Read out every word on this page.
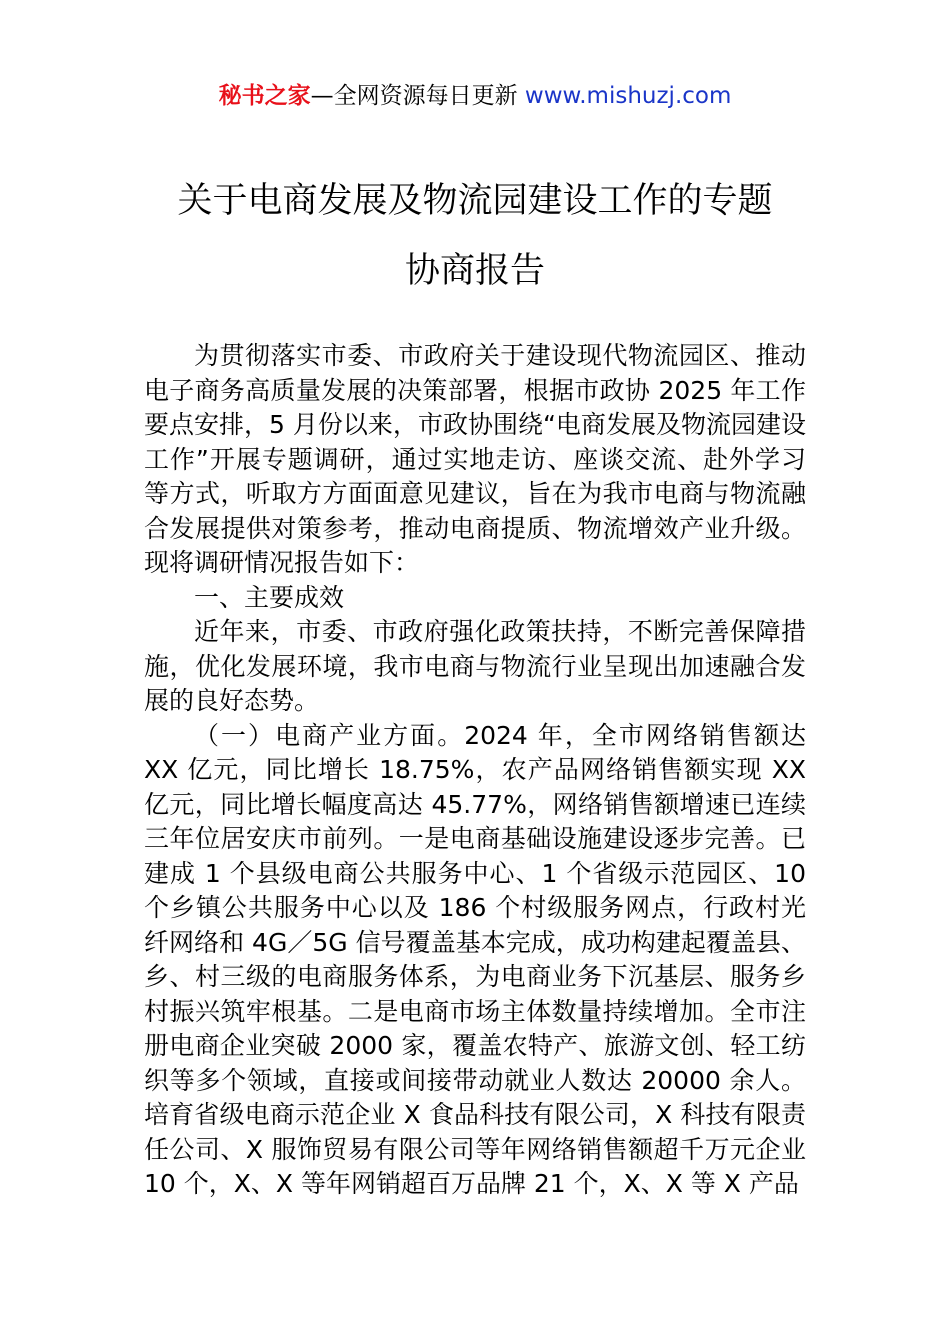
秘书之家—全网资源每日更新 www.mishuzj.com
关于电商发展及物流园建设工作的专题
协商报告

为贯彻落实市委、市政府关于建设现代物流园区、推动电子商务高质量发展的决策部署，根据市政协 2025 年工作要点安排，5 月份以来，市政协围绕“电商发展及物流园建设工作”开展专题调研，通过实地走访、座谈交流、赴外学习等方式，听取方方面面意见建议，旨在为我市电商与物流融合发展提供对策参考，推动电商提质、物流增效产业升级。现将调研情况报告如下：

一、主要成效

近年来，市委、市政府强化政策扶持，不断完善保障措施，优化发展环境，我市电商与物流行业呈现出加速融合发展的良好态势。

（一）电商产业方面。2024 年，全市网络销售额达 XX 亿元，同比增长 18.75%，农产品网络销售额实现 XX 亿元，同比增长幅度高达 45.77%，网络销售额增速已连续三年位居安庆市前列。一是电商基础设施建设逐步完善。已建成 1 个县级电商公共服务中心、1 个省级示范园区、10 个乡镇公共服务中心以及 186 个村级服务网点，行政村光纤网络和 4G／5G 信号覆盖基本完成，成功构建起覆盖县、乡、村三级的电商服务体系，为电商业务下沉基层、服务乡村振兴筑牢根基。二是电商市场主体数量持续增加。全市注册电商企业突破 2000 家，覆盖农特产、旅游文创、轻工纺织等多个领域，直接或间接带动就业人数达 20000 余人。培育省级电商示范企业 X 食品科技有限公司，X 科技有限责任公司、X 服饰贸易有限公司等年网络销售额超千万元企业 10 个，X、X 等年网销超百万品牌 21 个，X、X 等 X 产品
